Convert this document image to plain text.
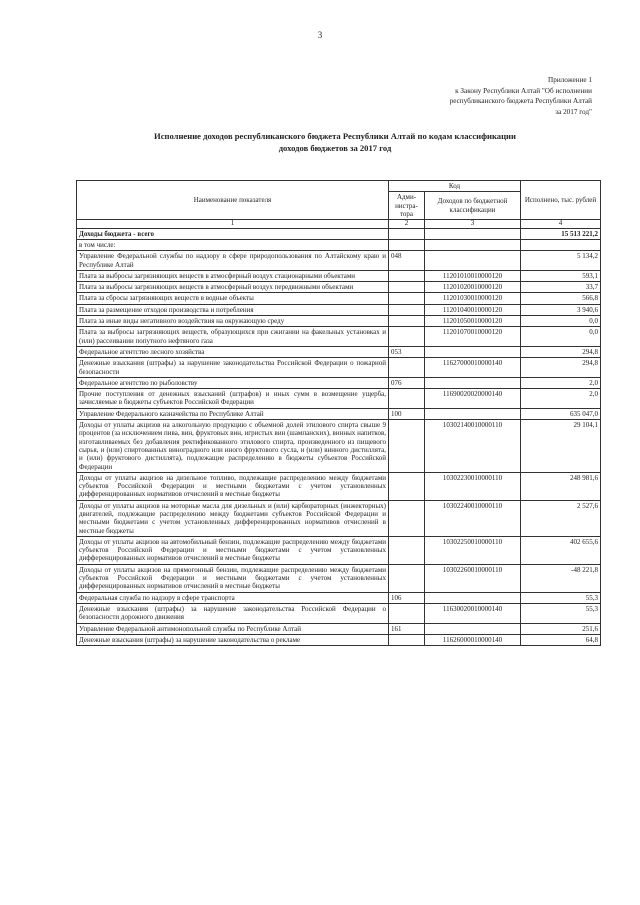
3
Приложение 1
к Закону Республики Алтай "Об исполнении
республиканского бюджета Республики Алтай
за 2017 год"
Исполнение доходов республиканского бюджета Республики Алтай по кодам классификации
доходов бюджетов за 2017 год
Наименование показателя	Код		Исполнено, тыс. рублей
	Адми-нистра-тора	Доходов по бюджетной классификации	
1	2	3	4
Доходы бюджета - всего			15 513 221,2
в том числе:			
Управление Федеральной службы по надзору в сфере природопользования по Алтайскому краю и Республике Алтай	048		5 134,2
Плата за выбросы загрязняющих веществ в атмосферный воздух стационарными объектами		11201010010000120	593,1
Плата за выбросы загрязняющих веществ в атмосферный воздух передвижными объектами		11201020010000120	33,7
Плата за сбросы загрязняющих веществ в водные объекты		11201030010000120	566,8
Плата за размещение отходов производства и потребления		11201040010000120	3 940,6
Плата за иные виды негативного воздействия на окружающую среду		11201050010000120	0,0
Плата за выбросы загрязняющих веществ, образующихся при сжигании на факельных установках и (или) рассеивании попутного нефтяного газа		11201070010000120	0,0
Федеральное агентство лесного хозяйства	053		294,8
Денежные взыскания (штрафы) за нарушение законодательства Российской Федерации о пожарной безопасности		11627000010000140	294,8
Федеральное агентство по рыболовству	076		2,0
Прочие поступления от денежных взысканий (штрафов) и иных сумм в возмещение ущерба, зачисляемые в бюджеты субъектов Российской Федерации		11690020020000140	2,0
Управление Федерального казначейства по Республике Алтай	100		635 047,0
Доходы от уплаты акцизов на алкогольную продукцию с объемной долей этилового спирта свыше 9 процентов (за исключением пива, вин, фруктовых вин, игристых вин (шампанских), винных напитков, изготавливаемых без добавления ректификованного этилового спирта, произведенного из пищевого сырья, и (или) спиртованных виноградного или иного фруктового сусла, и (или) винного дистиллята, и (или) фруктового дистиллята), подлежащие распределению в бюджеты субъектов Российской Федерации		10302140010000110	29 104,1
Доходы от уплаты акцизов на дизельное топливо, подлежащие распределению между бюджетами субъектов Российской Федерации и местными бюджетами с учетом установленных дифференцированных нормативов отчислений в местные бюджеты		10302230010000110	248 981,6
Доходы от уплаты акцизов на моторные масла для дизельных и (или) карбюраторных (инжекторных) двигателей, подлежащие распределению между бюджетами субъектов Российской Федерации и местными бюджетами с учетом установленных дифференцированных нормативов отчислений в местные бюджеты		10302240010000110	2 527,6
Доходы от уплаты акцизов на автомобильный бензин, подлежащие распределению между бюджетами субъектов Российской Федерации и местными бюджетами с учетом установленных дифференцированных нормативов отчислений в местные бюджеты		10302250010000110	402 655,6
Доходы от уплаты акцизов на прямогонный бензин, подлежащие распределению между бюджетами субъектов Российской Федерации и местными бюджетами с учетом установленных дифференцированных нормативов отчислений в местные бюджеты		10302260010000110	-48 221,8
Федеральная служба по надзору в сфере транспорта	106		55,3
Денежные взыскания (штрафы) за нарушение законодательства Российской Федерации о безопасности дорожного движения		11630020010000140	55,3
Управление Федеральной антимонопольной службы по Республике Алтай	161		251,6
Денежные взыскания (штрафы) за нарушение законодательства о рекламе		11626000010000140	64,8
